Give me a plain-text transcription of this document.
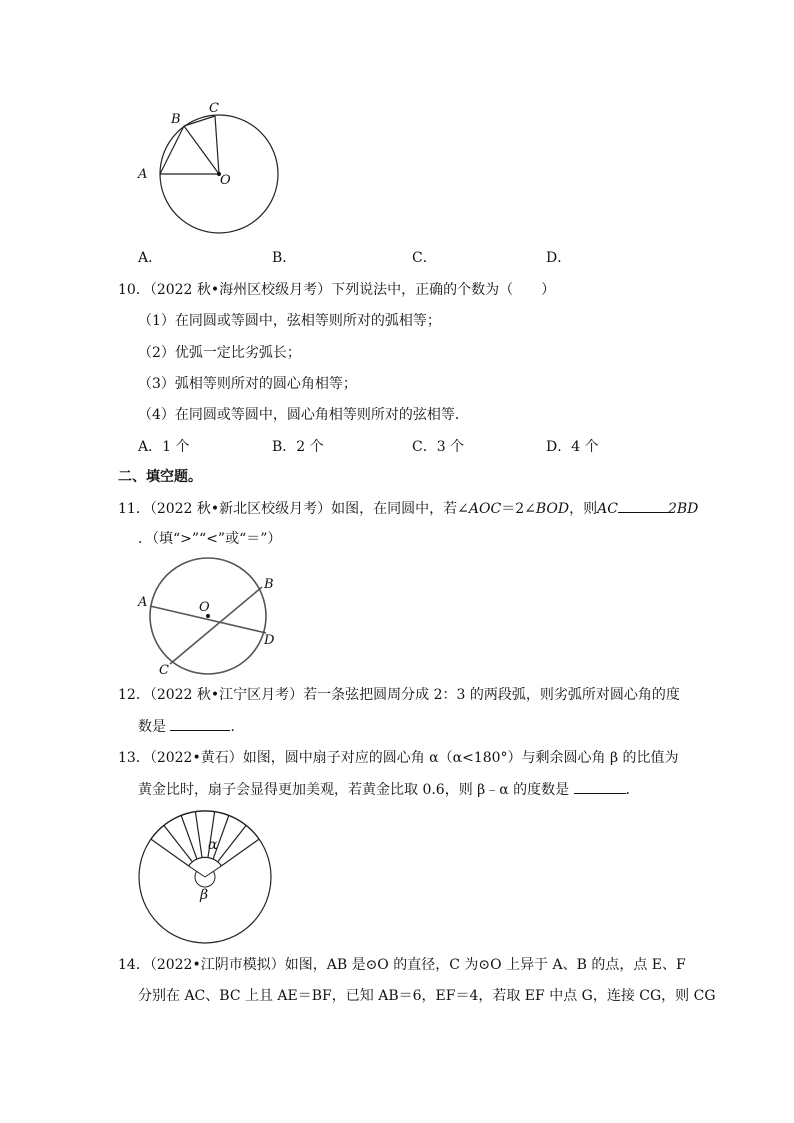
A
B
C
O
A．	B．	C．	D．
10．（2022 秋•海州区校级月考）下列说法中，正确的个数为（　　）
（1）在同圆或等圆中，弦相等则所对的弧相等；
（2）优弧一定比劣弧长；
（3）弧相等则所对的圆心角相等；
（4）在同圆或等圆中，圆心角相等则所对的弦相等．
A．1 个	B．2 个	C．3 个	D．4 个
二、填空题。
11．（2022 秋•新北区校级月考）如图，在同圆中，若∠AOC＝2∠BOD，则AC	2BD
．（填“>”“<”或“＝”）
A
B
C
D
O
12．（2022 秋•江宁区月考）若一条弦把圆周分成 2：3 的两段弧，则劣弧所对圆心角的度
数是	．
13．（2022•黄石）如图，圆中扇子对应的圆心角 α（α<180°）与剩余圆心角 β 的比值为
黄金比时，扇子会显得更加美观，若黄金比取 0.6，则 β﹣α 的度数是	．
α
β
14．（2022•江阴市模拟）如图，AB 是⊙O 的直径，C 为⊙O 上异于 A、B 的点，点 E、F
分别在 AC、BC 上且 AE＝BF，已知 AB＝6，EF＝4，若取 EF 中点 G，连接 CG，则 CG
